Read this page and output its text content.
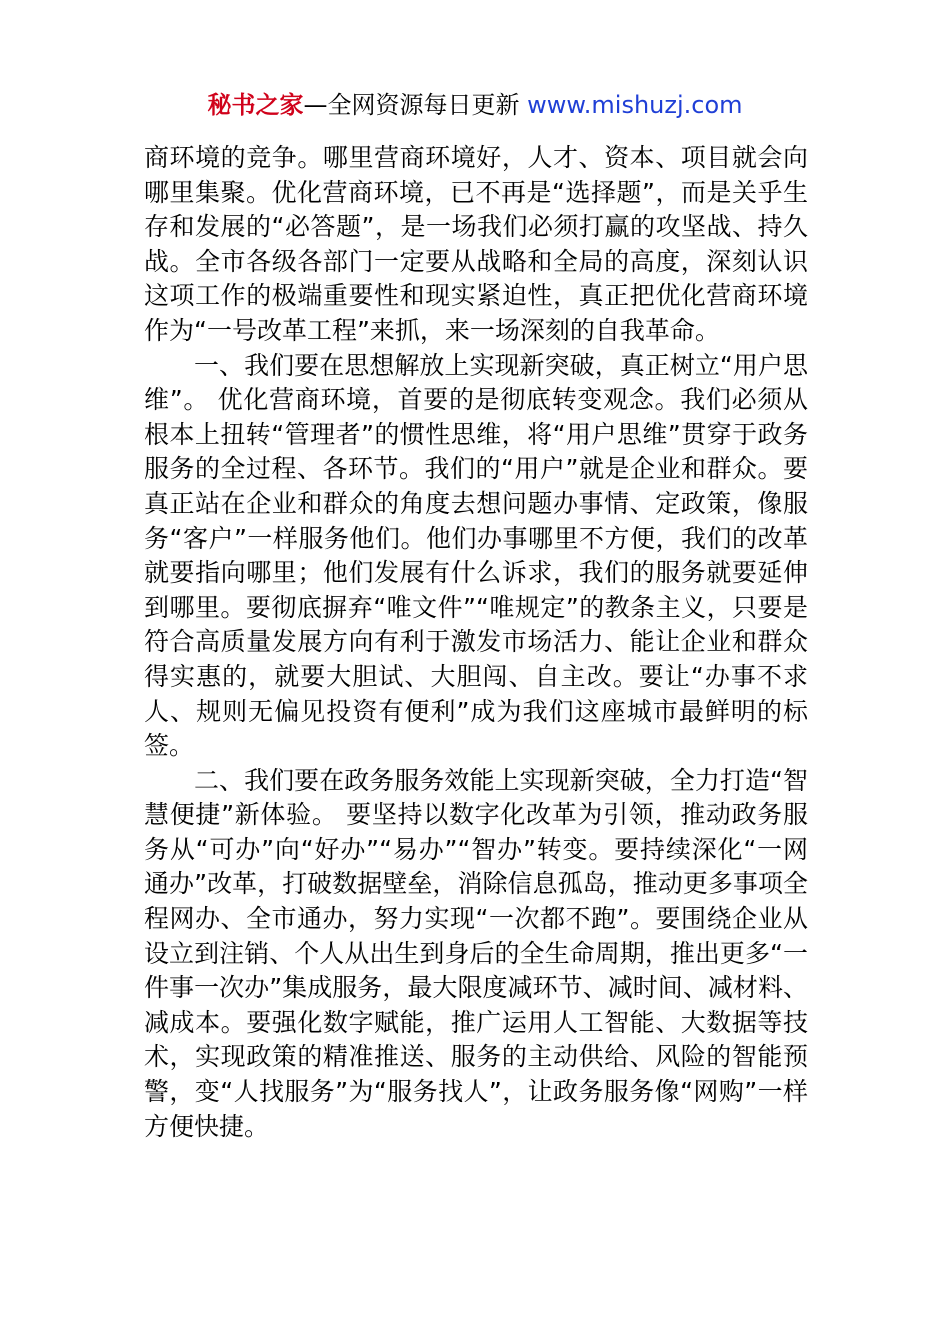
秘书之家—全网资源每日更新 www.mishuzj.com

商环境的竞争。哪里营商环境好，人才、资本、项目就会向哪里集聚。优化营商环境，已不再是“选择题”，而是关乎生存和发展的“必答题”，是一场我们必须打赢的攻坚战、持久战。全市各级各部门一定要从战略和全局的高度，深刻认识这项工作的极端重要性和现实紧迫性，真正把优化营商环境作为“一号改革工程”来抓，来一场深刻的自我革命。

一、我们要在思想解放上实现新突破，真正树立“用户思维”。 优化营商环境，首要的是彻底转变观念。我们必须从根本上扭转“管理者”的惯性思维，将“用户思维”贯穿于政务服务的全过程、各环节。我们的“用户”就是企业和群众。要真正站在企业和群众的角度去想问题办事情、定政策，像服务“客户”一样服务他们。他们办事哪里不方便，我们的改革就要指向哪里；他们发展有什么诉求，我们的服务就要延伸到哪里。要彻底摒弃“唯文件”“唯规定”的教条主义，只要是符合高质量发展方向有利于激发市场活力、能让企业和群众得实惠的，就要大胆试、大胆闯、自主改。要让“办事不求人、规则无偏见投资有便利”成为我们这座城市最鲜明的标签。

二、我们要在政务服务效能上实现新突破，全力打造“智慧便捷”新体验。 要坚持以数字化改革为引领，推动政务服务从“可办”向“好办”“易办”“智办”转变。要持续深化“一网通办”改革，打破数据壁垒，消除信息孤岛，推动更多事项全程网办、全市通办，努力实现“一次都不跑”。要围绕企业从设立到注销、个人从出生到身后的全生命周期，推出更多“一件事一次办”集成服务，最大限度减环节、减时间、减材料、减成本。要强化数字赋能，推广运用人工智能、大数据等技术，实现政策的精准推送、服务的主动供给、风险的智能预警，变“人找服务”为“服务找人”，让政务服务像“网购”一样方便快捷。
